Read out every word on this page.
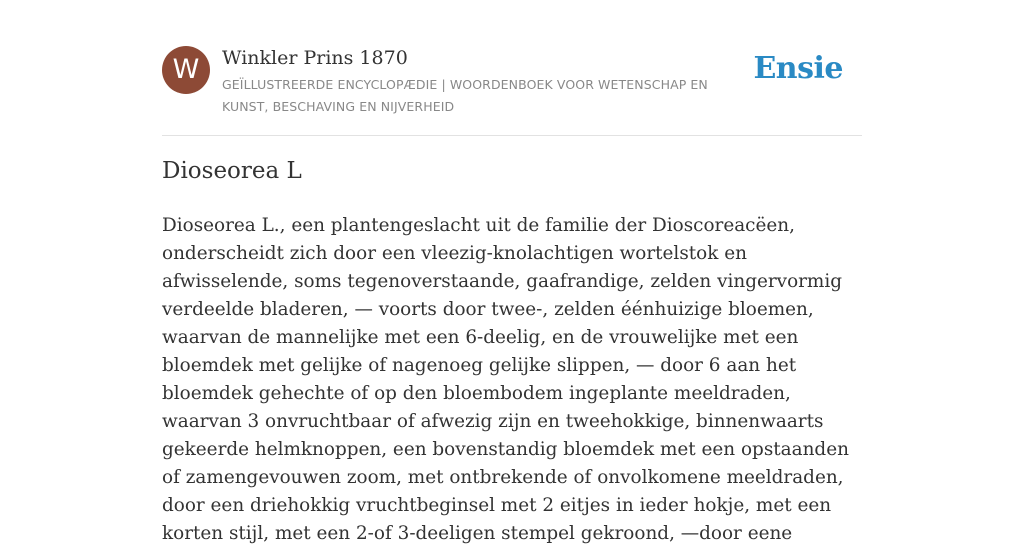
W	Winkler Prins 1870
GEÏLLUSTREERDE ENCYCLOPÆDIE | WOORDENBOEK VOOR WETENSCHAP EN KUNST, BESCHAVING EN NIJVERHEID
Ensie
Dioseorea L

Dioseorea L., een plantengeslacht uit de familie der Dioscoreacëen, onderscheidt zich door een vleezig-knolachtigen wortelstok en afwisselende, soms tegenoverstaande, gaafrandige, zelden vingervormig verdeelde bladeren, — voorts door twee-, zelden éénhuizige bloemen, waarvan de mannelijke met een 6-deelig, en de vrouwelijke met een bloemdek met gelijke of nagenoeg gelijke slippen, — door 6 aan het bloemdek gehechte of op den bloembodem ingeplante meeldraden, waarvan 3 onvruchtbaar of afwezig zijn en tweehokkige, binnenwaarts gekeerde helmknoppen, een bovenstandig bloemdek met een opstaanden of zamengevouwen zoom, met ontbrekende of onvolkomene meeldraden, door een driehokkig vruchtbeginsel met 2 eitjes in ieder hokje, met een korten stijl, met een 2-of 3-deeligen stempel gekroond, —door eene
